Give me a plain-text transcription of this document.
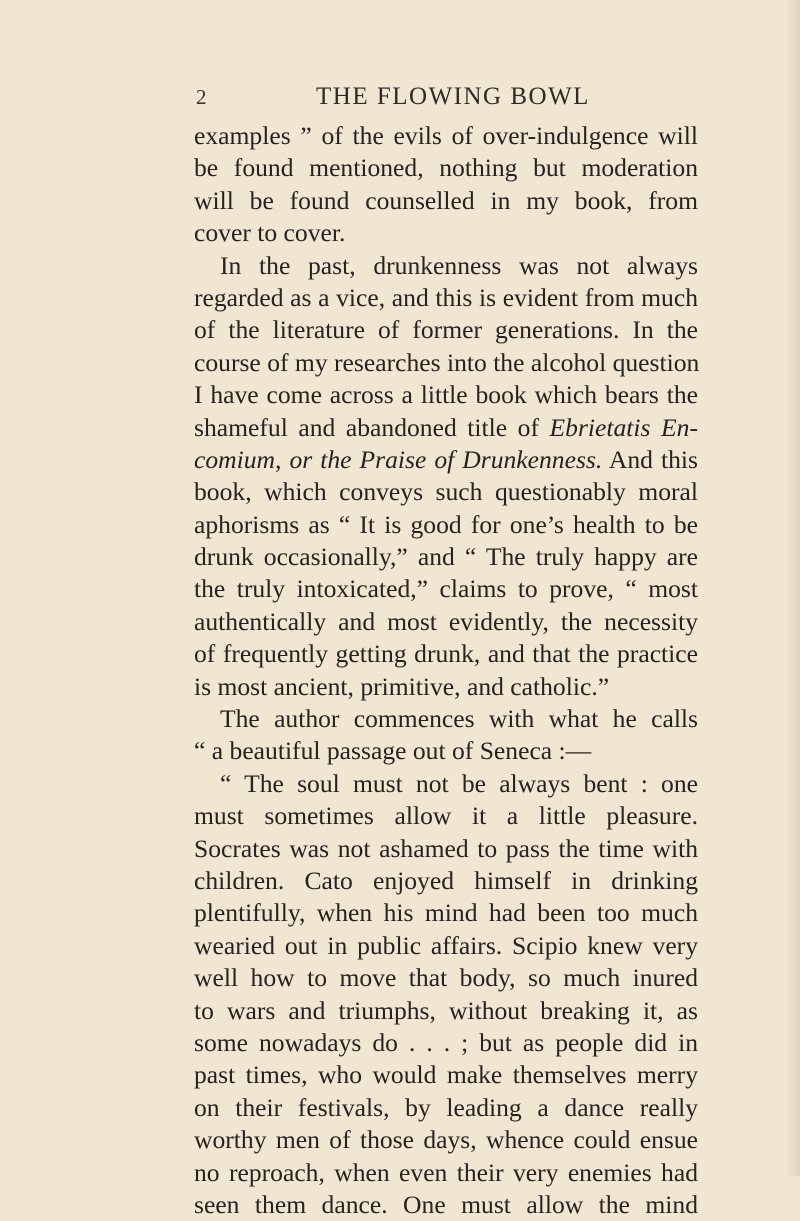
2	THE FLOWING BOWL
examples ” of the evils of over-indulgence will
be found mentioned, nothing but moderation
will be found counselled in my book, from
cover to cover.
In the past, drunkenness was not always
regarded as a vice, and this is evident from much
of the literature of former generations. In the
course of my researches into the alcohol question
I have come across a little book which bears the
shameful and abandoned title of Ebrietatis En-
comium, or the Praise of Drunkenness. And this
book, which conveys such questionably moral
aphorisms as “ It is good for one’s health to be
drunk occasionally,” and “ The truly happy are
the truly intoxicated,” claims to prove, “ most
authentically and most evidently, the necessity
of frequently getting drunk, and that the practice
is most ancient, primitive, and catholic.”
The author commences with what he calls
“ a beautiful passage out of Seneca :—
“ The soul must not be always bent : one
must sometimes allow it a little pleasure.
Socrates was not ashamed to pass the time with
children. Cato enjoyed himself in drinking
plentifully, when his mind had been too much
wearied out in public affairs. Scipio knew very
well how to move that body, so much inured
to wars and triumphs, without breaking it, as
some nowadays do . . . ; but as people did in
past times, who would make themselves merry
on their festivals, by leading a dance really
worthy men of those days, whence could ensue
no reproach, when even their very enemies had
seen them dance. One must allow the mind
